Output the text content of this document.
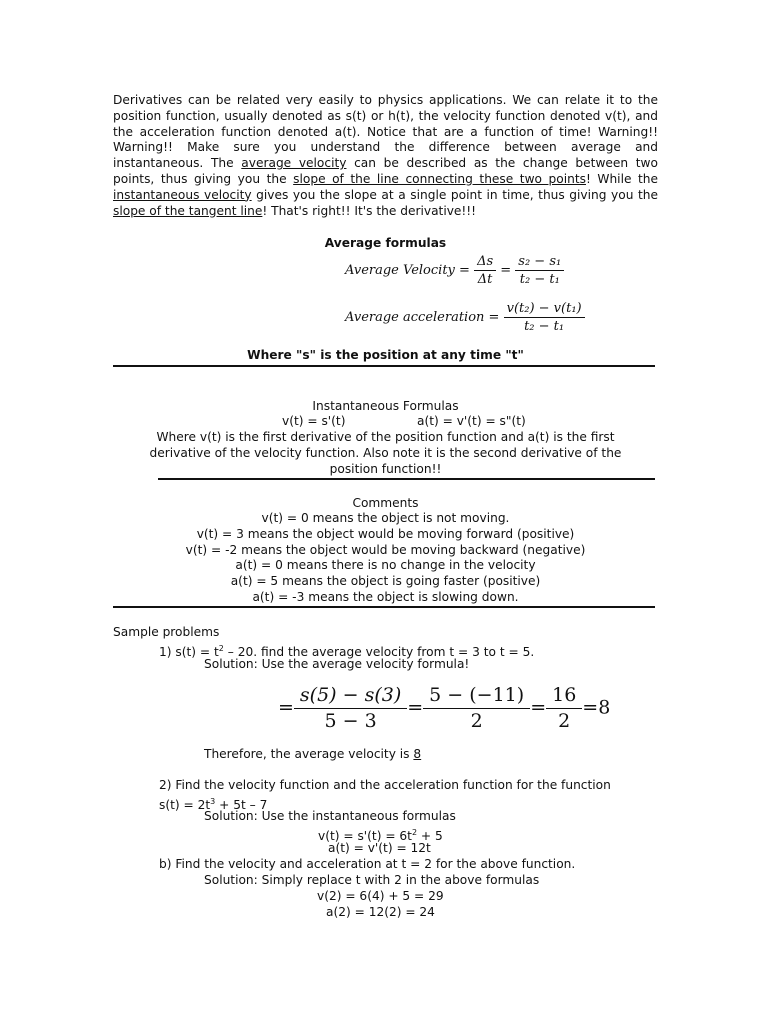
Derivatives can be related very easily to physics applications. We can relate it to the position function, usually denoted as s(t) or h(t), the velocity function denoted v(t), and the acceleration function denoted a(t). Notice that are a function of time! Warning!! Warning!! Make sure you understand the difference between average and instantaneous. The average velocity can be described as the change between two points, thus giving you the slope of the line connecting these two points! While the instantaneous velocity gives you the slope at a single point in time, thus giving you the slope of the tangent line! That's right!! It's the derivative!!!
Average formulas
Average Velocity = $\frac{\Delta s}{\Delta t} = \frac{\text{s₂ − s₁}}{\text{t₂ − t₁}}$
Average acceleration = $\frac{\text{v(t₂) − v(t₁)}}{\text{t₂ − t₁}}$
Where "s" is the position at any time "t"
Instantaneous Formulas
v(t) = s'(t)	a(t) = v'(t) = s"(t)
Where v(t) is the first derivative of the position function and a(t) is the first
derivative of the velocity function. Also note it is the second derivative of the
position function!!
Comments
v(t) = 0 means the object is not moving.
v(t) = 3 means the object would be moving forward (positive)
v(t) = -2 means the object would be moving backward (negative)
a(t) = 0 means there is no change in the velocity
a(t) = 5 means the object is going faster (positive)
a(t) = -3 means the object is slowing down.
Sample problems
1) $s(t) = t^2 - 20$. find the average velocity from t = 3 to t = 5.
Solution: Use the average velocity formula!
= $\frac{s(5) - s(3)}{5 - 3} = \frac{5 - (-11)}{2} = \frac{16}{2} =8$
Therefore, the average velocity is 8
2) Find the velocity function and the acceleration function for the function
$s(t) = 2t^3 + 5t - 7$
Solution: Use the instantaneous formulas
$v(t) = s'(t) = 6t^2 + 5$
a(t) = v'(t) = 12t
b) Find the velocity and acceleration at t = 2 for the above function.
Solution: Simply replace t with 2 in the above formulas
v(2) = 6(4) + 5 = 29
a(2) = 12(2) = 24
